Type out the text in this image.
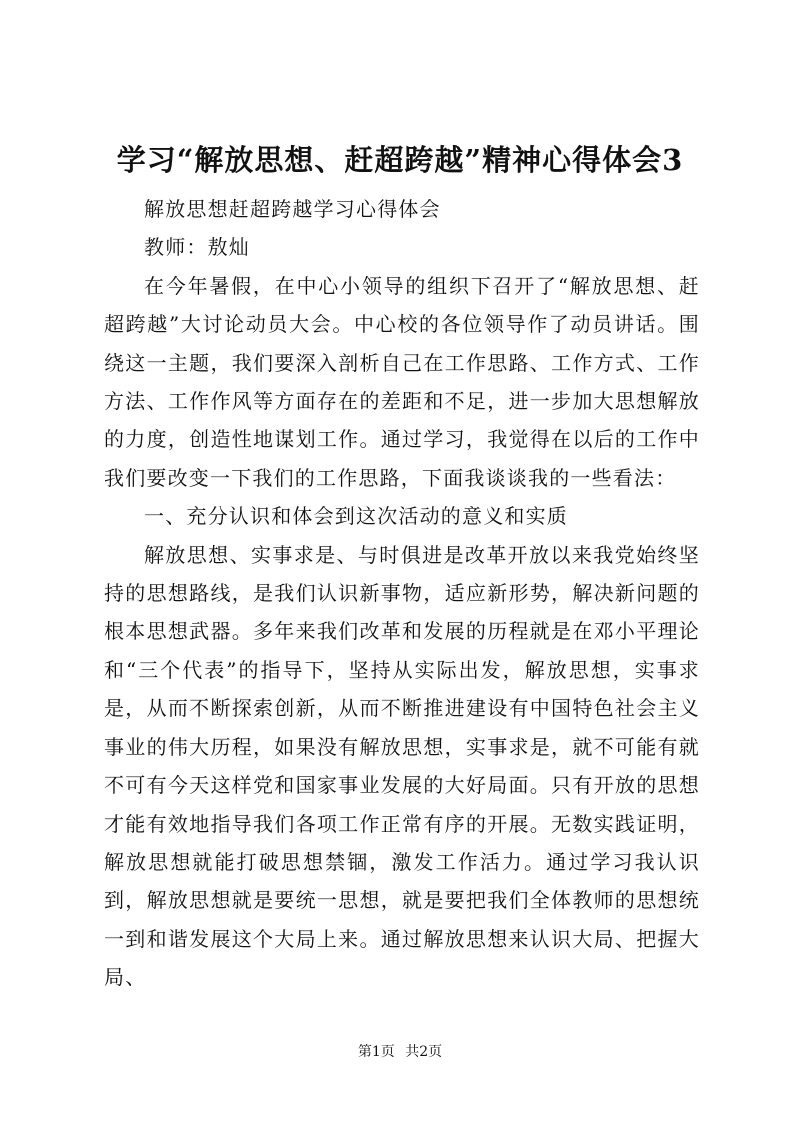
学习“解放思想、赶超跨越”精神心得体会3

解放思想赶超跨越学习心得体会

教师：敖灿

在今年暑假，在中心小领导的组织下召开了“解放思想、赶超跨越”大讨论动员大会。中心校的各位领导作了动员讲话。围绕这一主题，我们要深入剖析自己在工作思路、工作方式、工作方法、工作作风等方面存在的差距和不足，进一步加大思想解放的力度，创造性地谋划工作。通过学习，我觉得在以后的工作中我们要改变一下我们的工作思路，下面我谈谈我的一些看法：

一、充分认识和体会到这次活动的意义和实质

解放思想、实事求是、与时俱进是改革开放以来我党始终坚持的思想路线，是我们认识新事物，适应新形势，解决新问题的根本思想武器。多年来我们改革和发展的历程就是在邓小平理论和“三个代表”的指导下，坚持从实际出发，解放思想，实事求是，从而不断探索创新，从而不断推进建设有中国特色社会主义事业的伟大历程，如果没有解放思想，实事求是，就不可能有就不可有今天这样党和国家事业发展的大好局面。只有开放的思想才能有效地指导我们各项工作正常有序的开展。无数实践证明，解放思想就能打破思想禁锢，激发工作活力。通过学习我认识到，解放思想就是要统一思想，就是要把我们全体教师的思想统一到和谐发展这个大局上来。通过解放思想来认识大局、把握大局、

第1页 共2页
